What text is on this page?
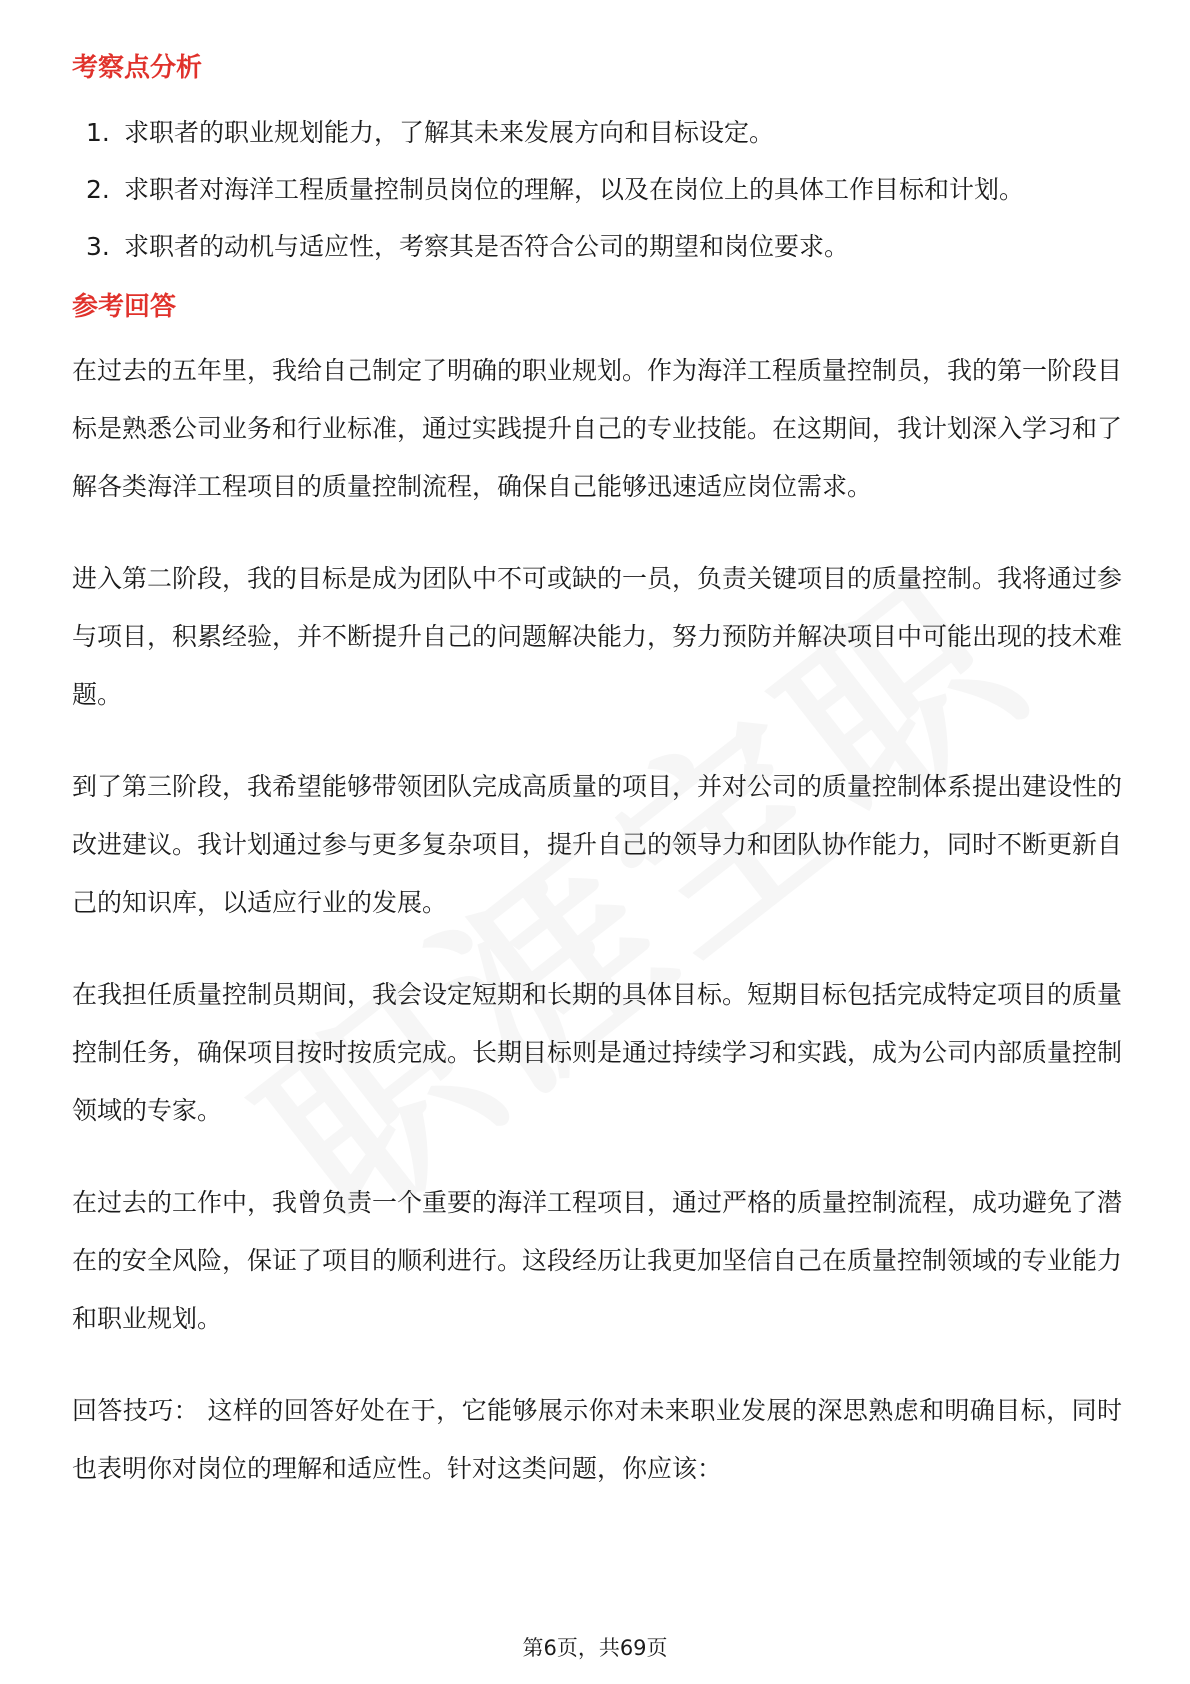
考察点分析
1. 求职者的职业规划能力，了解其未来发展方向和目标设定。
2. 求职者对海洋工程质量控制员岗位的理解，以及在岗位上的具体工作目标和计划。
3. 求职者的动机与适应性，考察其是否符合公司的期望和岗位要求。
参考回答

在过去的五年里，我给自己制定了明确的职业规划。作为海洋工程质量控制员，我的第一阶段目标是熟悉公司业务和行业标准，通过实践提升自己的专业技能。在这期间，我计划深入学习和了解各类海洋工程项目的质量控制流程，确保自己能够迅速适应岗位需求。

进入第二阶段，我的目标是成为团队中不可或缺的一员，负责关键项目的质量控制。我将通过参与项目，积累经验，并不断提升自己的问题解决能力，努力预防并解决项目中可能出现的技术难题。

到了第三阶段，我希望能够带领团队完成高质量的项目，并对公司的质量控制体系提出建设性的改进建议。我计划通过参与更多复杂项目，提升自己的领导力和团队协作能力，同时不断更新自己的知识库，以适应行业的发展。

在我担任质量控制员期间，我会设定短期和长期的具体目标。短期目标包括完成特定项目的质量控制任务，确保项目按时按质完成。长期目标则是通过持续学习和实践，成为公司内部质量控制领域的专家。

在过去的工作中，我曾负责一个重要的海洋工程项目，通过严格的质量控制流程，成功避免了潜在的安全风险，保证了项目的顺利进行。这段经历让我更加坚信自己在质量控制领域的专业能力和职业规划。

回答技巧： 这样的回答好处在于，它能够展示你对未来职业发展的深思熟虑和明确目标，同时也表明你对岗位的理解和适应性。针对这类问题，你应该：

第6页，共69页
